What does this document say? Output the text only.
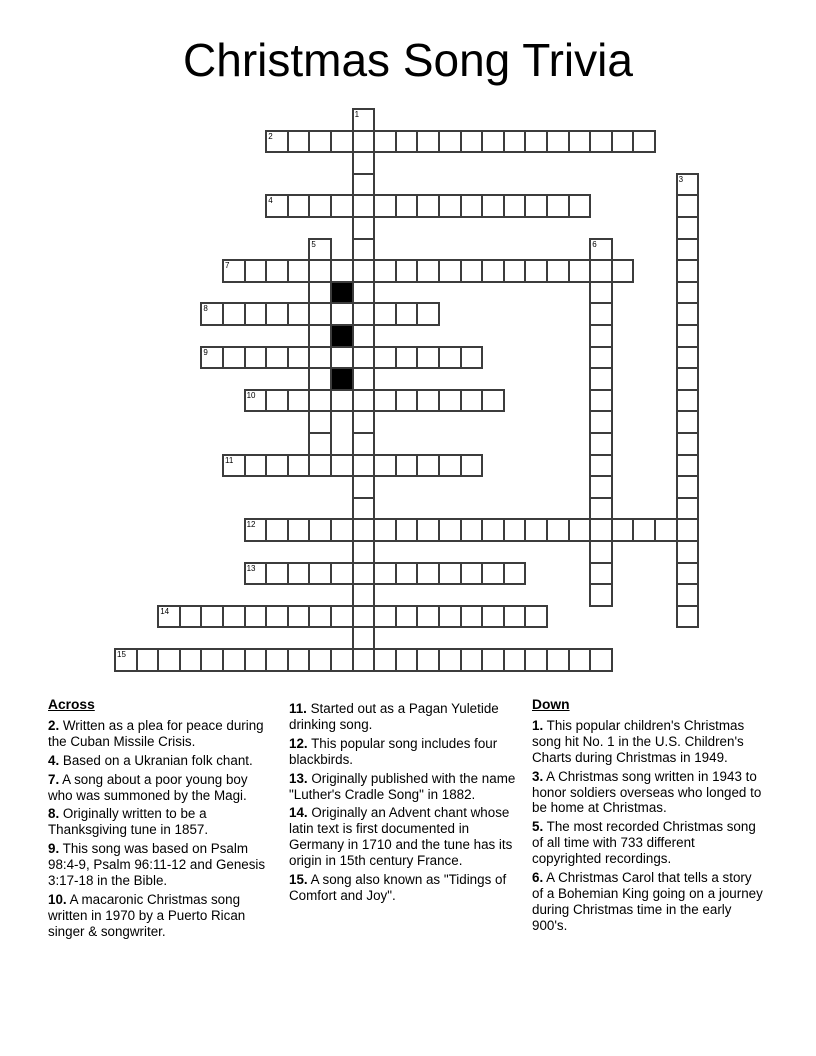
Christmas Song Trivia
1
2
3
4
5	6
7
8
9
10
11
12
13
14
15
Across
2. Written as a plea for peace during the Cuban Missile Crisis.
4. Based on a Ukranian folk chant.
7. A song about a poor young boy who was summoned by the Magi.
8. Originally written to be a Thanksgiving tune in 1857.
9. This song was based on Psalm 98:4-9, Psalm 96:11-12 and Genesis 3:17-18 in the Bible.
10. A macaronic Christmas song written in 1970 by a Puerto Rican singer & songwriter.
11. Started out as a Pagan Yuletide drinking song.
12. This popular song includes four blackbirds.
13. Originally published with the name "Luther's Cradle Song" in 1882.
14. Originally an Advent chant whose latin text is first documented in Germany in 1710 and the tune has its origin in 15th century France.
15. A song also known as "Tidings of Comfort and Joy".
Down
1. This popular children's Christmas song hit No. 1 in the U.S. Children's Charts during Christmas in 1949.
3. A Christmas song written in 1943 to honor soldiers overseas who longed to be home at Christmas.
5. The most recorded Christmas song of all time with 733 different copyrighted recordings.
6. A Christmas Carol that tells a story of a Bohemian King going on a journey during Christmas time in the early 900's.
